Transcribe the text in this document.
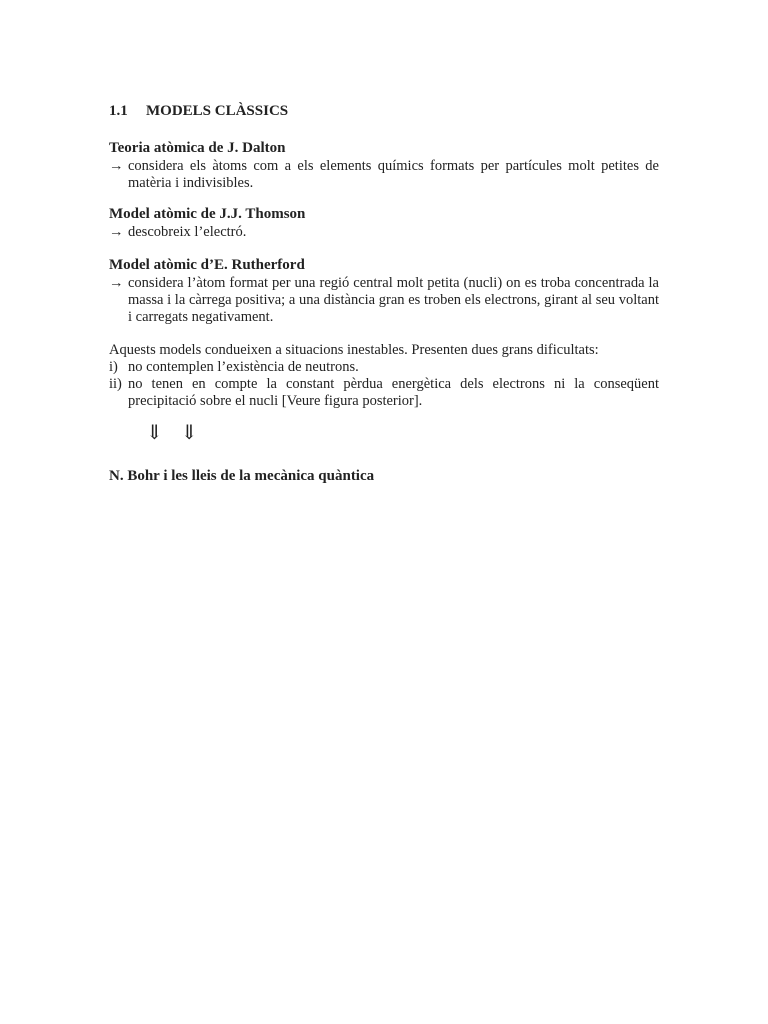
1.1 MODELS CLÀSSICS
Teoria atòmica de J. Dalton
→ considera els àtoms com a els elements químics formats per partícules molt petites de matèria i indivisibles.
Model atòmic de J.J. Thomson
→ descobreix l’electró.
Model atòmic d’E. Rutherford
→ considera l’àtom format per una regió central molt petita (nucli) on es troba concentrada la massa i la càrrega positiva; a una distància gran es troben els electrons, girant al seu voltant i carregats negativament.
Aquests models condueixen a situacions inestables. Presenten dues grans dificultats:
i) no contemplen l’existència de neutrons.
ii) no tenen en compte la constant pèrdua energètica dels electrons ni la conseqüent precipitació sobre el nucli [Veure figura posterior].
⇓ ⇓
N. Bohr i les lleis de la mecànica quàntica
